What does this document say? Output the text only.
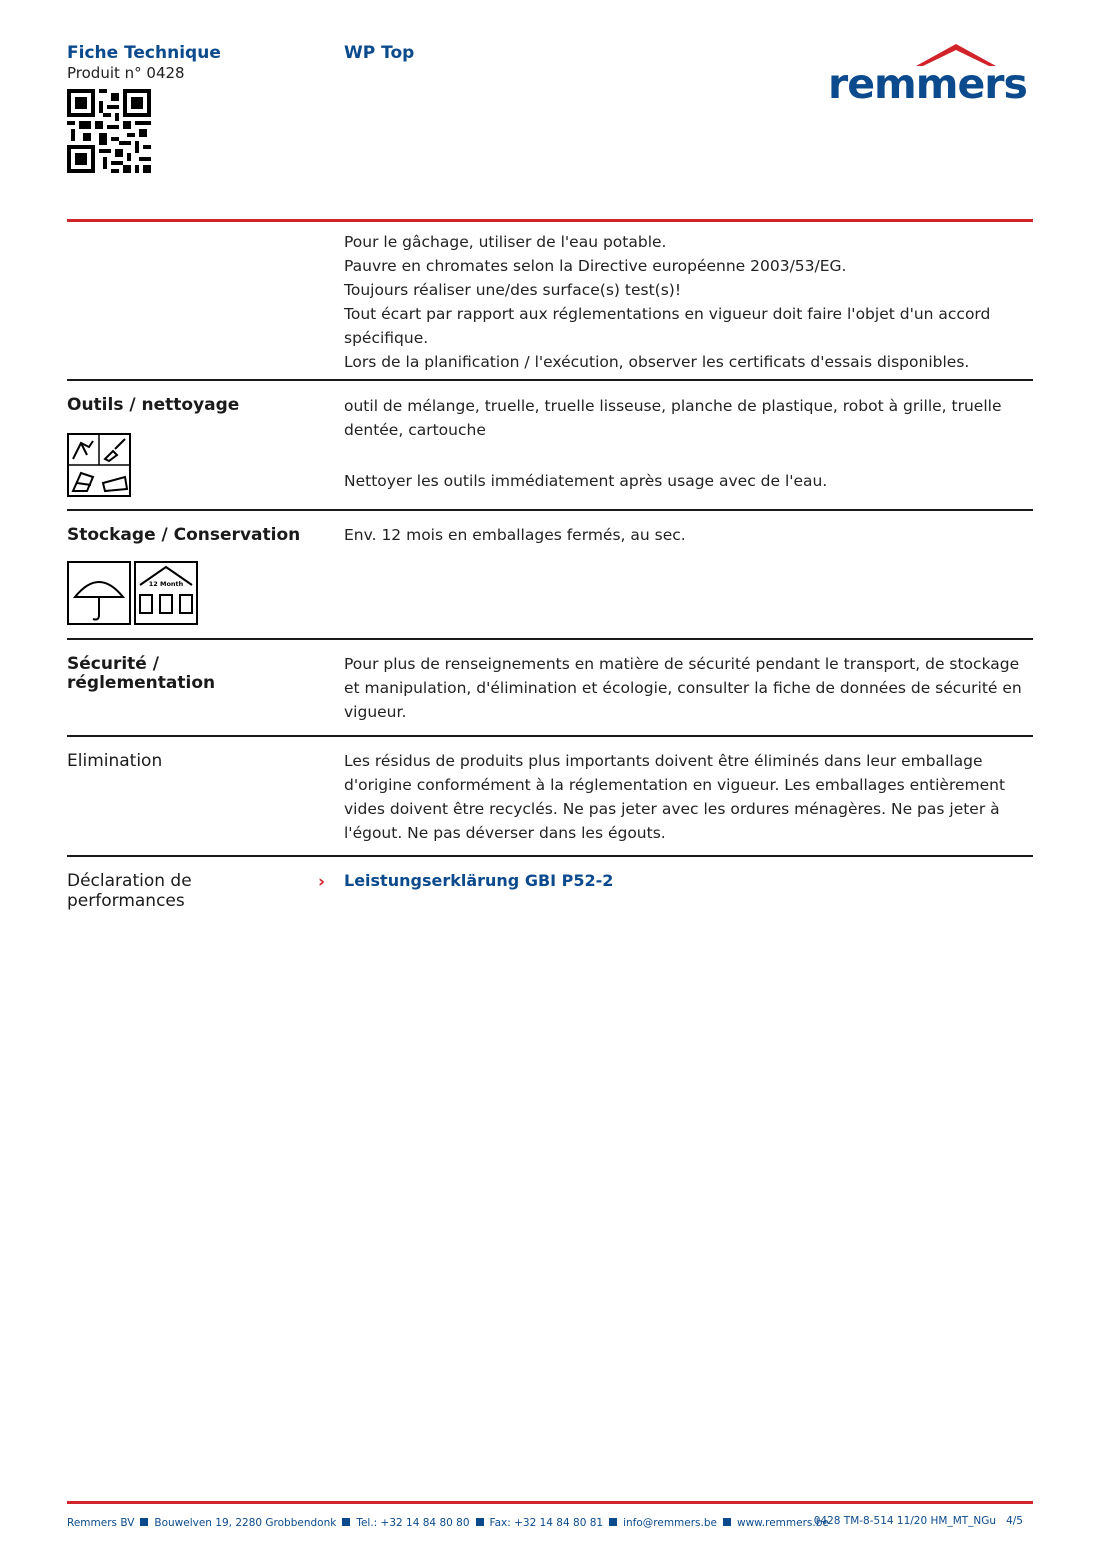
Fiche Technique
Produit n° 0428
WP Top
remmers

Pour le gâchage, utiliser de l'eau potable.

Pauvre en chromates selon la Directive européenne 2003/53/EG.

Toujours réaliser une/des surface(s) test(s)!

Tout écart par rapport aux réglementations en vigueur doit faire l'objet d'un accord spécifique.

Lors de la planification / l'exécution, observer les certificats d'essais disponibles.

Outils / nettoyage	outil de mélange, truelle, truelle lisseuse, planche de plastique, robot à grille, truelle dentée, cartouche
Nettoyer les outils immédiatement après usage avec de l'eau.
Stockage / Conservation
12 Month
Env. 12 mois en emballages fermés, au sec.
Sécurité /
réglementation
Pour plus de renseignements en matière de sécurité pendant le transport, de stockage et manipulation, d'élimination et écologie, consulter la fiche de données de sécurité en vigueur.
Elimination	Les résidus de produits plus importants doivent être éliminés dans leur emballage d'origine conformément à la réglementation en vigueur. Les emballages entièrement vides doivent être recyclés. Ne pas jeter avec les ordures ménagères. Ne pas jeter à l'égout. Ne pas déverser dans les égouts.
Déclaration de
performances
› Leistungserklärung GBI P52-2
Remmers BV Bouwelven 19, 2280 Grobbendonk Tel.: +32 14 84 80 80 Fax: +32 14 84 80 81 info@remmers.be www.remmers.be
0428 TM-8-514 11/20 HM_MT_NGu 4/5
